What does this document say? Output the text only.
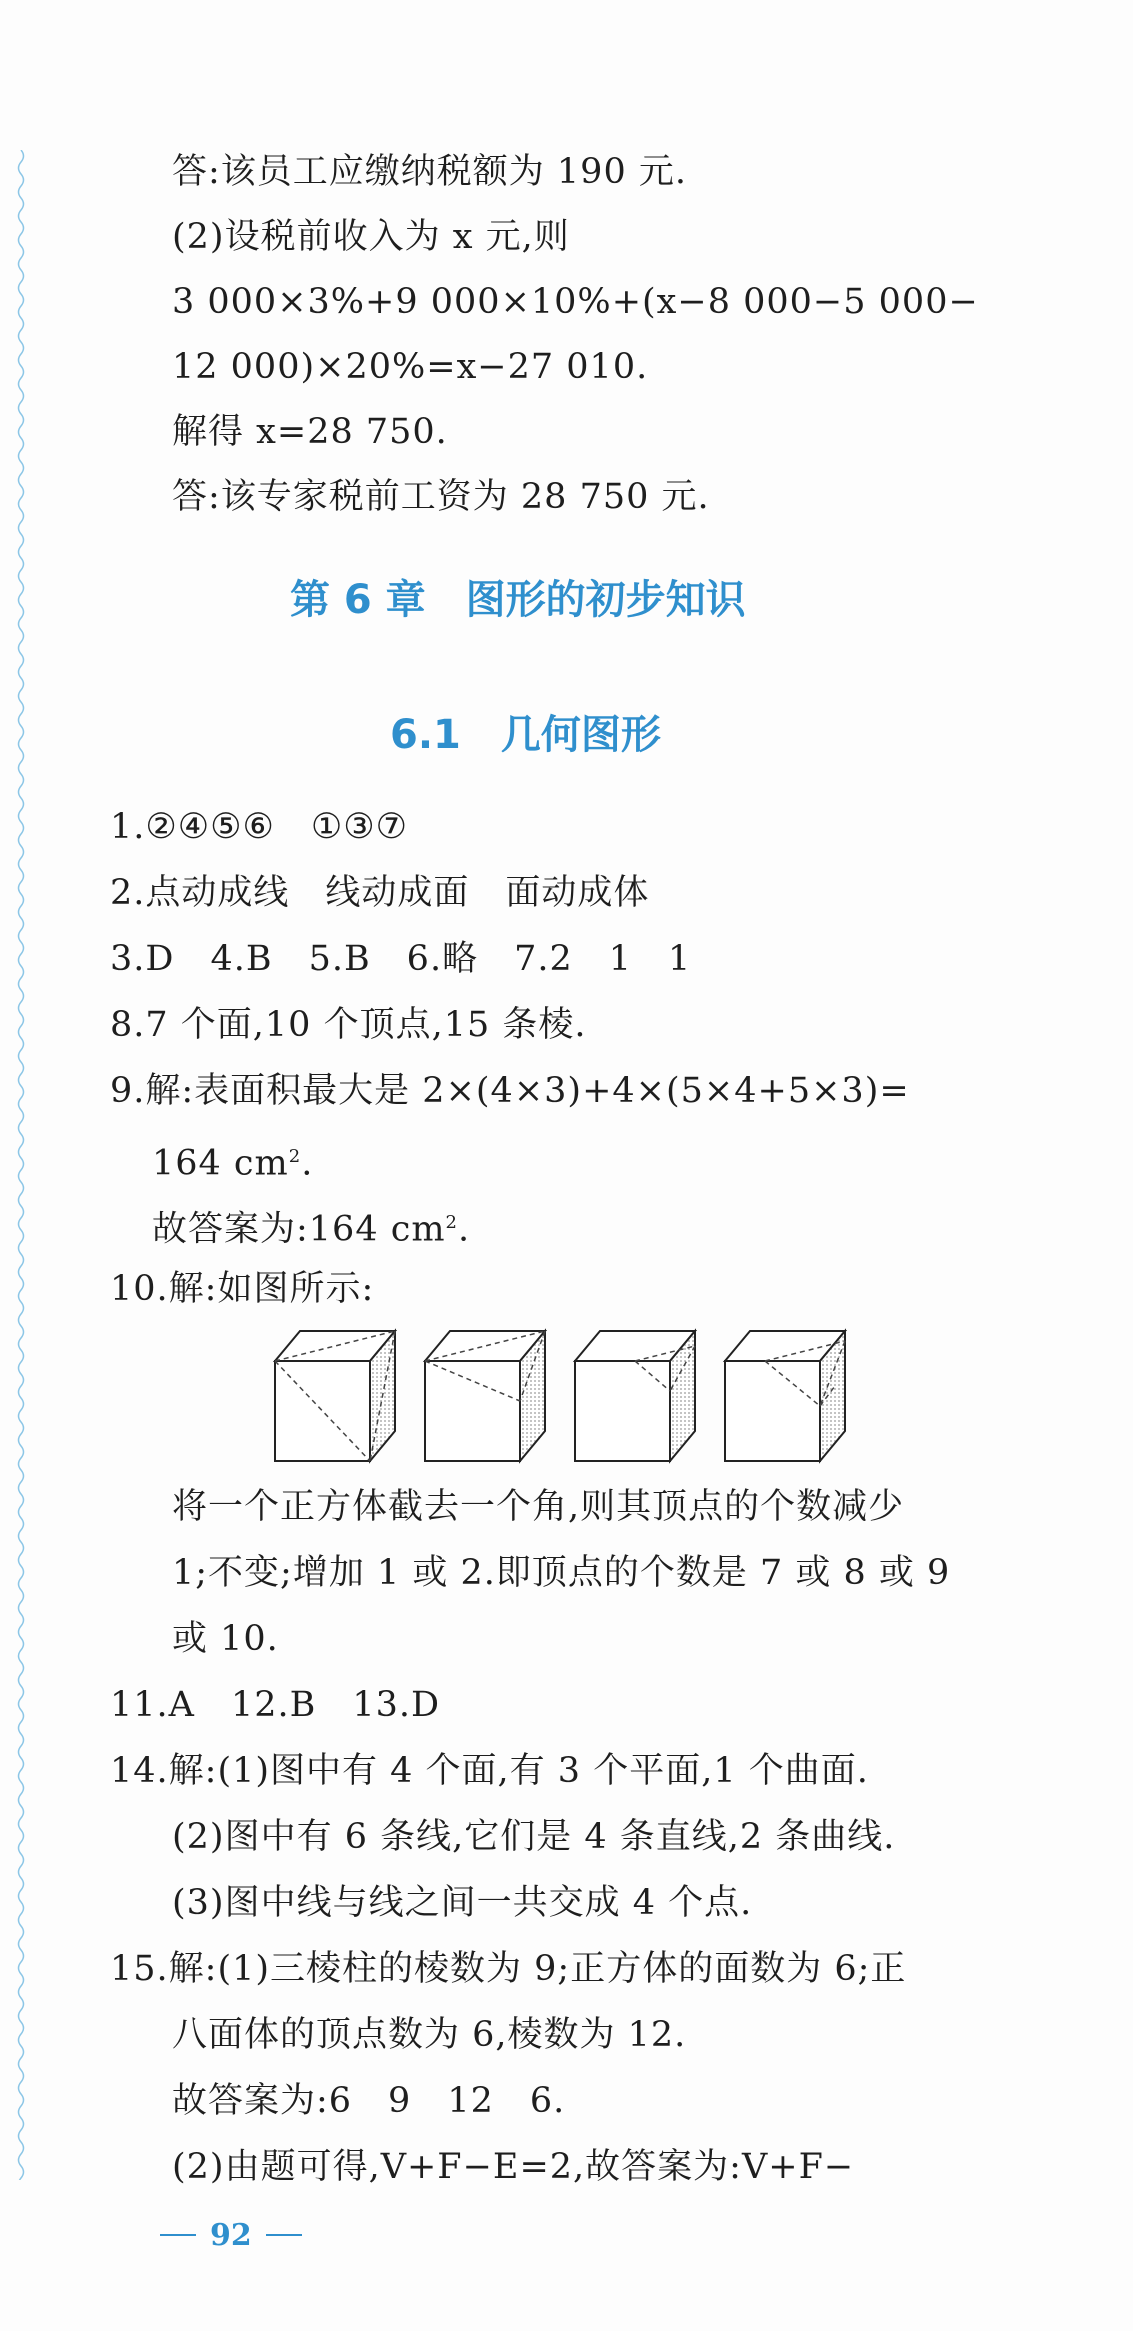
答:该员工应缴纳税额为 190 元.
(2)设税前收入为 x 元,则
3 000×3%+9 000×10%+(x−8 000−5 000−
12 000)×20%=x−27 010.
解得 x=28 750.
答:该专家税前工资为 28 750 元.
第 6 章　图形的初步知识
6.1　几何图形
1.②④⑤⑥　①③⑦
2.点动成线　线动成面　面动成体
3.D　4.B　5.B　6.略　7.2　1　1
8.7 个面,10 个顶点,15 条棱.
9.解:表面积最大是 2×(4×3)+4×(5×4+5×3)=
164 $cm^2$.
故答案为:164 $cm^2$.
10.解:如图所示:
将一个正方体截去一个角,则其顶点的个数减少
1;不变;增加 1 或 2.即顶点的个数是 7 或 8 或 9
或 10.
11.A　12.B　13.D
14.解:(1)图中有 4 个面,有 3 个平面,1 个曲面.
(2)图中有 6 条线,它们是 4 条直线,2 条曲线.
(3)图中线与线之间一共交成 4 个点.
15.解:(1)三棱柱的棱数为 9;正方体的面数为 6;正
八面体的顶点数为 6,棱数为 12.
故答案为:6　9　12　6.
(2)由题可得,V+F−E=2,故答案为:V+F−
92
